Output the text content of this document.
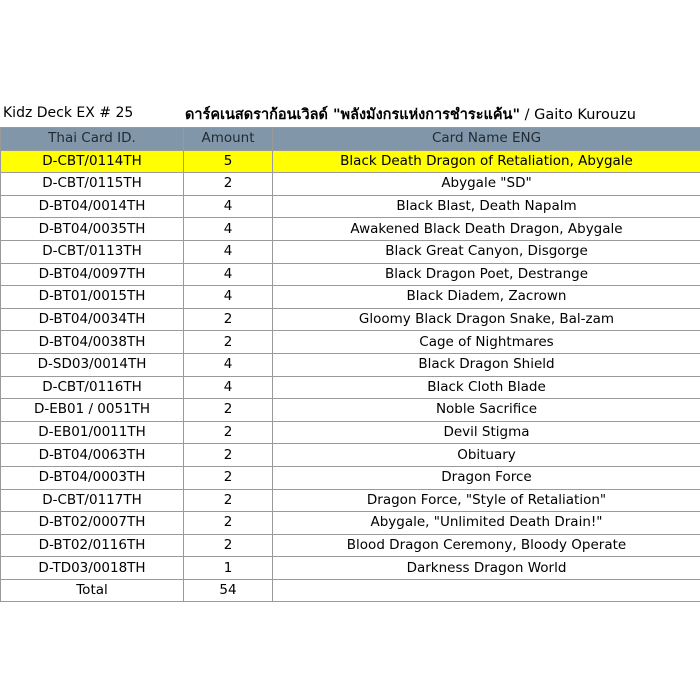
Kidz Deck EX # 25	ดาร์คเนสดราก้อนเวิลด์ "พลังมังกรแห่งการชำระแค้น" / Gaito Kurouzu
Thai Card ID.	Amount	Card Name ENG
D-CBT/0114TH	5	Black Death Dragon of Retaliation, Abygale
D-CBT/0115TH	2	Abygale "SD"
D-BT04/0014TH	4	Black Blast, Death Napalm
D-BT04/0035TH	4	Awakened Black Death Dragon, Abygale
D-CBT/0113TH	4	Black Great Canyon, Disgorge
D-BT04/0097TH	4	Black Dragon Poet, Destrange
D-BT01/0015TH	4	Black Diadem, Zacrown
D-BT04/0034TH	2	Gloomy Black Dragon Snake, Bal-zam
D-BT04/0038TH	2	Cage of Nightmares
D-SD03/0014TH	4	Black Dragon Shield
D-CBT/0116TH	4	Black Cloth Blade
D-EB01 / 0051TH	2	Noble Sacrifice
D-EB01/0011TH	2	Devil Stigma
D-BT04/0063TH	2	Obituary
D-BT04/0003TH	2	Dragon Force
D-CBT/0117TH	2	Dragon Force, "Style of Retaliation"
D-BT02/0007TH	2	Abygale, "Unlimited Death Drain!"
D-BT02/0116TH	2	Blood Dragon Ceremony, Bloody Operate
D-TD03/0018TH	1	Darkness Dragon World
Total	54	
